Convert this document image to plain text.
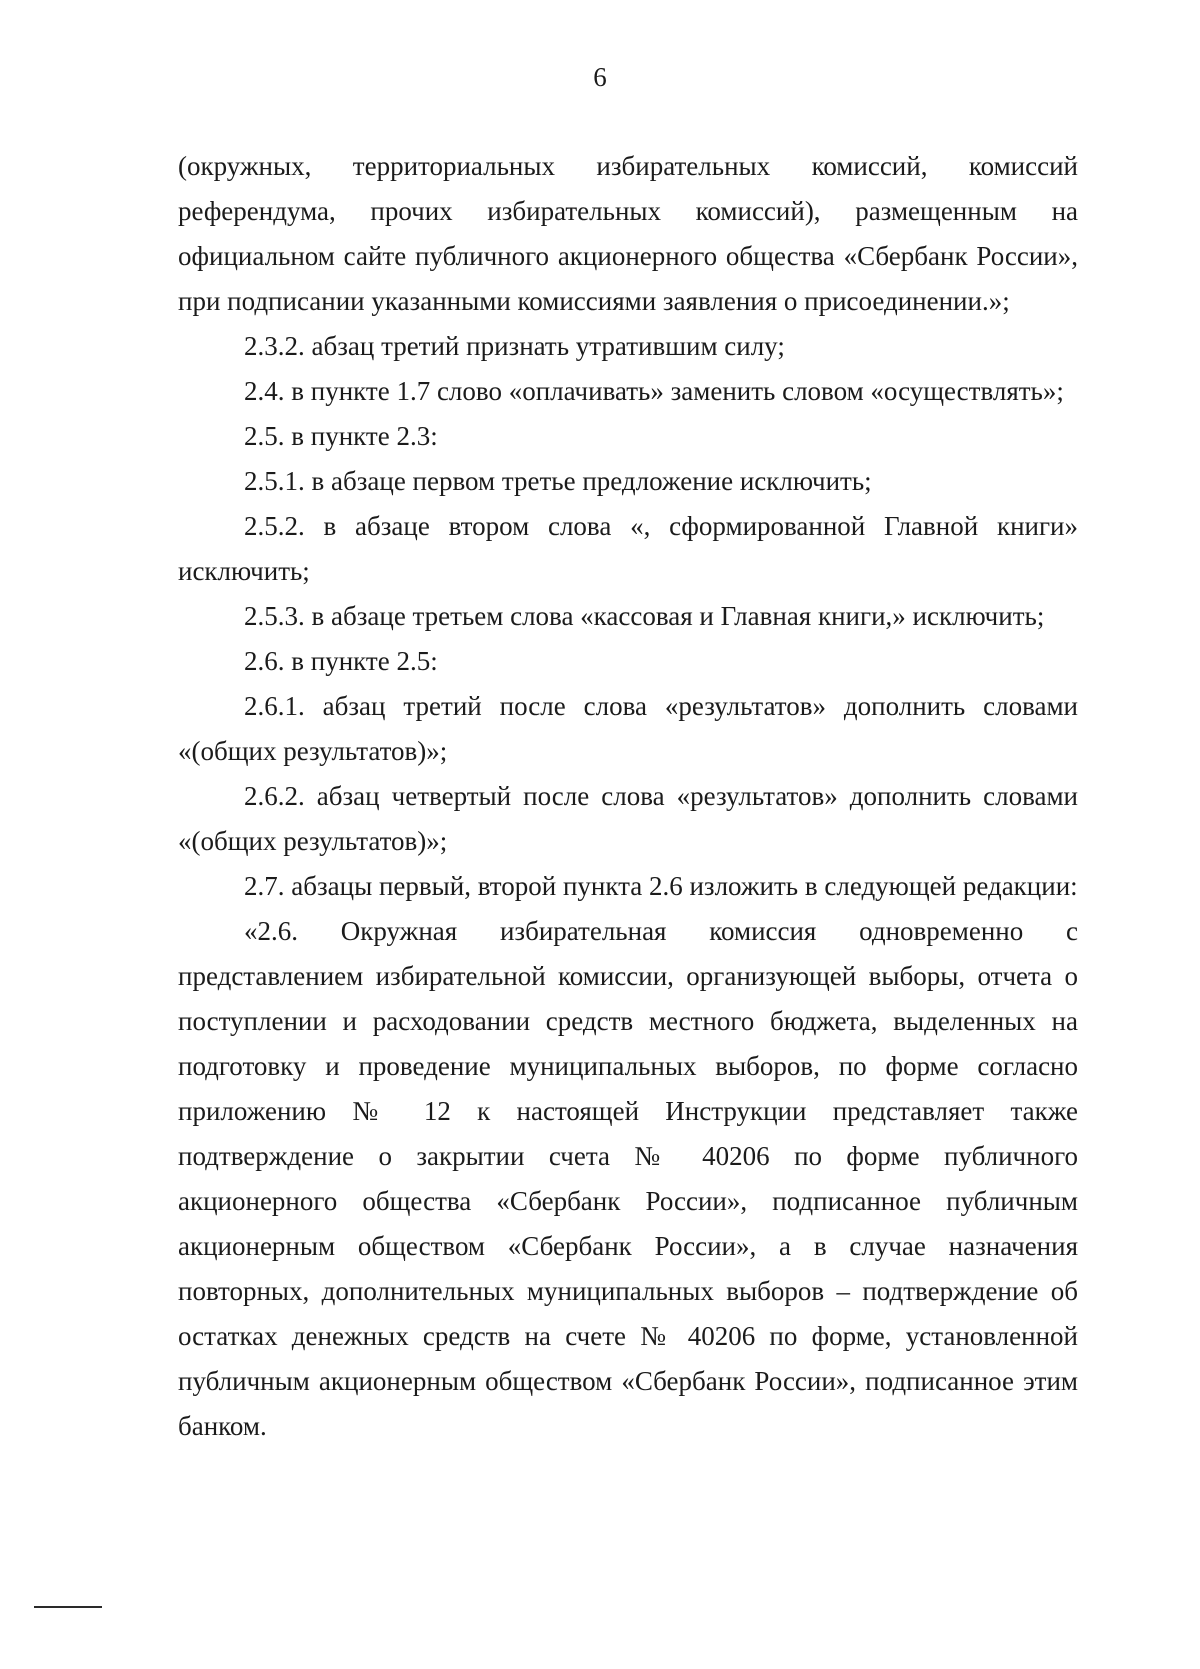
6

(окружных, территориальных избирательных комиссий, комиссий референдума, прочих избирательных комиссий), размещенным на официальном сайте публичного акционерного общества «Сбербанк России», при подписании указанными комиссиями заявления о присоединении.»;

2.3.2. абзац третий признать утратившим силу;

2.4. в пункте 1.7 слово «оплачивать» заменить словом «осуществлять»;

2.5. в пункте 2.3:

2.5.1. в абзаце первом третье предложение исключить;

2.5.2. в абзаце втором слова «, сформированной Главной книги» исключить;

2.5.3. в абзаце третьем слова «кассовая и Главная книги,» исключить;

2.6. в пункте 2.5:

2.6.1. абзац третий после слова «результатов» дополнить словами «(общих результатов)»;

2.6.2. абзац четвертый после слова «результатов» дополнить словами «(общих результатов)»;

2.7. абзацы первый, второй пункта 2.6 изложить в следующей редакции:

«2.6. Окружная избирательная комиссия одновременно с представлением избирательной комиссии, организующей выборы, отчета о поступлении и расходовании средств местного бюджета, выделенных на подготовку и проведение муниципальных выборов, по форме согласно приложению № 12 к настоящей Инструкции представляет также подтверждение о закрытии счета № 40206 по форме публичного акционерного общества «Сбербанк России», подписанное публичным акционерным обществом «Сбербанк России», а в случае назначения повторных, дополнительных муниципальных выборов – подтверждение об остатках денежных средств на счете № 40206 по форме, установленной публичным акционерным обществом «Сбербанк России», подписанное этим банком.
